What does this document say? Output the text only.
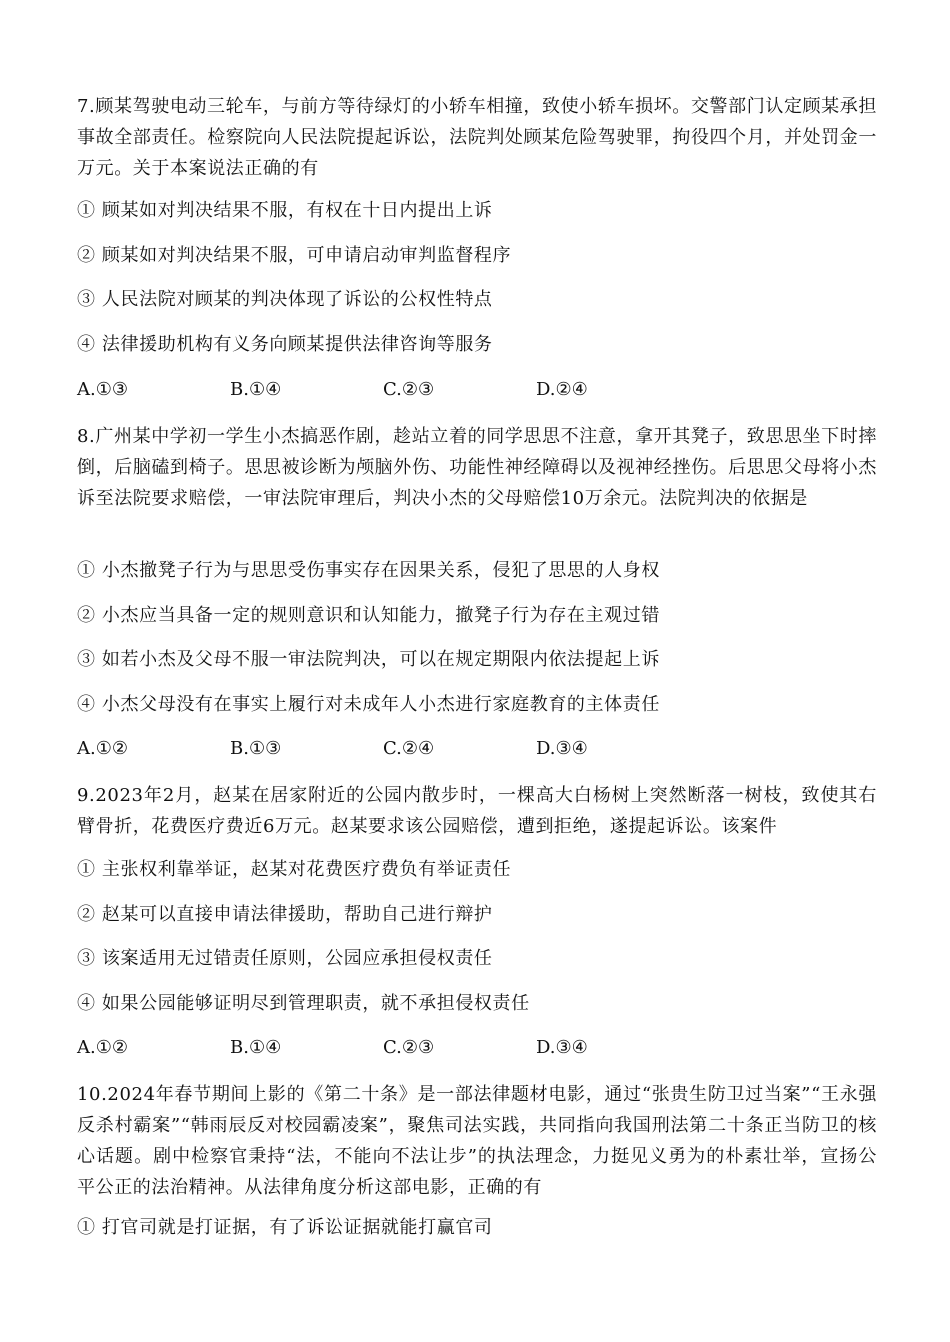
7.顾某驾驶电动三轮车，与前方等待绿灯的小轿车相撞，致使小轿车损坏。交警部门认定顾某承担事故全部责任。检察院向人民法院提起诉讼，法院判处顾某危险驾驶罪，拘役四个月，并处罚金一万元。关于本案说法正确的有

① 顾某如对判决结果不服，有权在十日内提出上诉
② 顾某如对判决结果不服，可申请启动审判监督程序
③ 人民法院对顾某的判决体现了诉讼的公权性特点
④ 法律援助机构有义务向顾某提供法律咨询等服务
A.①③	B.①④	C.②③	D.②④

8.广州某中学初一学生小杰搞恶作剧，趁站立着的同学思思不注意，拿开其凳子，致思思坐下时摔倒，后脑磕到椅子。思思被诊断为颅脑外伤、功能性神经障碍以及视神经挫伤。后思思父母将小杰诉至法院要求赔偿，一审法院审理后，判决小杰的父母赔偿10万余元。法院判决的依据是

① 小杰撤凳子行为与思思受伤事实存在因果关系，侵犯了思思的人身权
② 小杰应当具备一定的规则意识和认知能力，撤凳子行为存在主观过错
③ 如若小杰及父母不服一审法院判决，可以在规定期限内依法提起上诉
④ 小杰父母没有在事实上履行对未成年人小杰进行家庭教育的主体责任
A.①②	B.①③	C.②④	D.③④

9.2023年2月，赵某在居家附近的公园内散步时，一棵高大白杨树上突然断落一树枝，致使其右臂骨折，花费医疗费近6万元。赵某要求该公园赔偿，遭到拒绝，遂提起诉讼。该案件

① 主张权利靠举证，赵某对花费医疗费负有举证责任
② 赵某可以直接申请法律援助，帮助自己进行辩护
③ 该案适用无过错责任原则，公园应承担侵权责任
④ 如果公园能够证明尽到管理职责，就不承担侵权责任
A.①②	B.①④	C.②③	D.③④

10.2024年春节期间上影的《第二十条》是一部法律题材电影，通过“张贵生防卫过当案”“王永强反杀村霸案”“韩雨辰反对校园霸凌案”，聚焦司法实践，共同指向我国刑法第二十条正当防卫的核心话题。剧中检察官秉持“法，不能向不法让步”的执法理念，力挺见义勇为的朴素壮举，宣扬公平公正的法治精神。从法律角度分析这部电影，正确的有

① 打官司就是打证据，有了诉讼证据就能打赢官司
